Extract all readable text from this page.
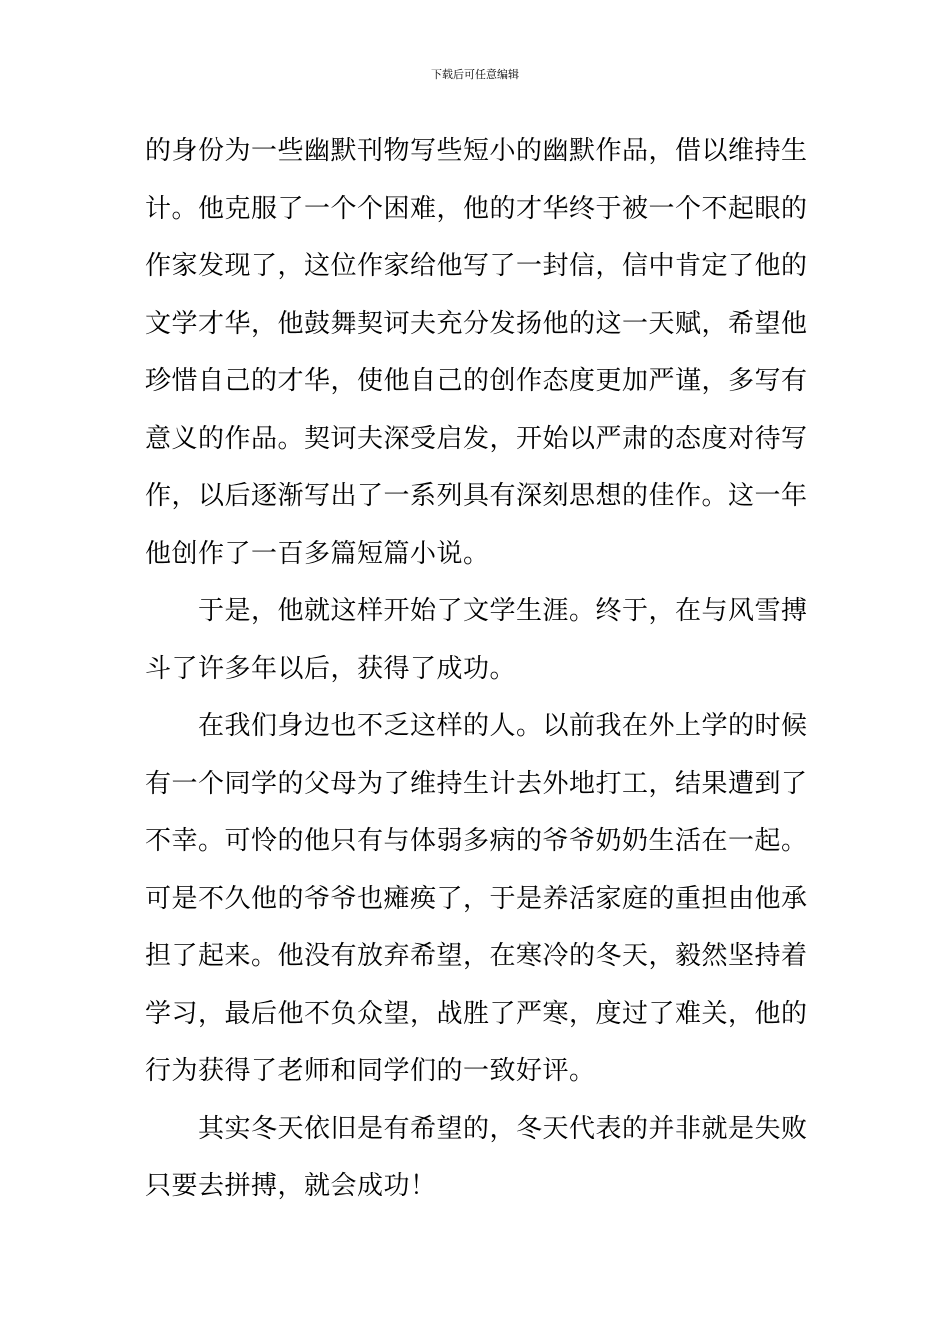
下载后可任意编辑
的身份为一些幽默刊物写些短小的幽默作品，借以维持生
计。他克服了一个个困难，他的才华终于被一个不起眼的
作家发现了，这位作家给他写了一封信，信中肯定了他的
文学才华，他鼓舞契诃夫充分发扬他的这一天赋，希望他
珍惜自己的才华，使他自己的创作态度更加严谨，多写有
意义的作品。契诃夫深受启发，开始以严肃的态度对待写
作，以后逐渐写出了一系列具有深刻思想的佳作。这一年
他创作了一百多篇短篇小说。
于是，他就这样开始了文学生涯。终于，在与风雪搏
斗了许多年以后，获得了成功。
在我们身边也不乏这样的人。以前我在外上学的时候
有一个同学的父母为了维持生计去外地打工，结果遭到了
不幸。可怜的他只有与体弱多病的爷爷奶奶生活在一起。
可是不久他的爷爷也瘫痪了，于是养活家庭的重担由他承
担了起来。他没有放弃希望，在寒冷的冬天，毅然坚持着
学习，最后他不负众望，战胜了严寒，度过了难关，他的
行为获得了老师和同学们的一致好评。
其实冬天依旧是有希望的，冬天代表的并非就是失败
只要去拼搏，就会成功！
